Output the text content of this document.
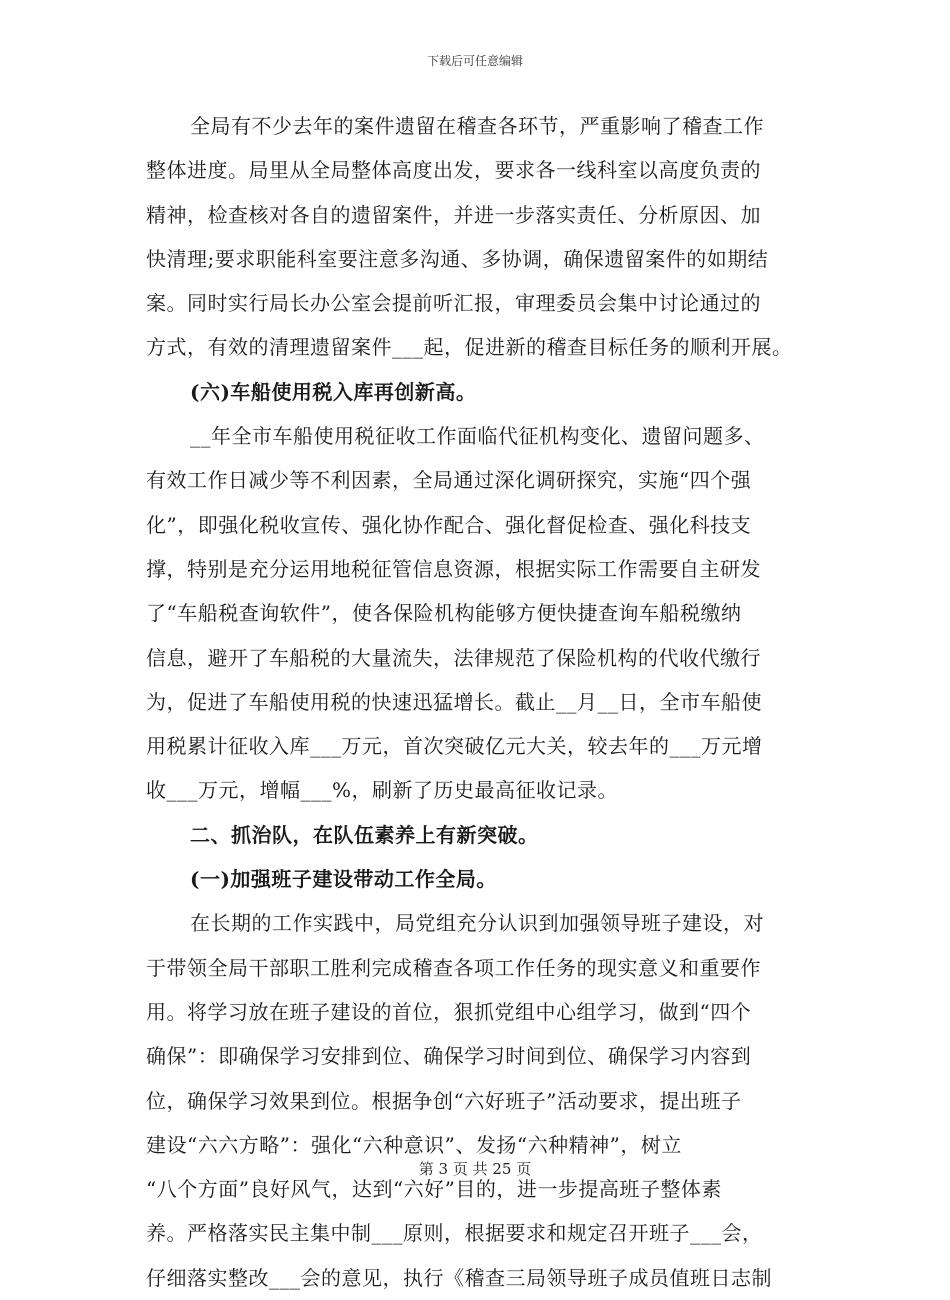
下载后可任意编辑
全局有不少去年的案件遗留在稽查各环节，严重影响了稽查工作
整体进度。局里从全局整体高度出发，要求各一线科室以高度负责的
精神，检查核对各自的遗留案件，并进一步落实责任、分析原因、加
快清理;要求职能科室要注意多沟通、多协调，确保遗留案件的如期结
案。同时实行局长办公室会提前听汇报，审理委员会集中讨论通过的
方式，有效的清理遗留案件___起，促进新的稽查目标任务的顺利开展。
(六)车船使用税入库再创新高。
__年全市车船使用税征收工作面临代征机构变化、遗留问题多、
有效工作日减少等不利因素，全局通过深化调研探究，实施“四个强
化”，即强化税收宣传、强化协作配合、强化督促检查、强化科技支
撑，特别是充分运用地税征管信息资源，根据实际工作需要自主研发
了“车船税查询软件”，使各保险机构能够方便快捷查询车船税缴纳
信息，避开了车船税的大量流失，法律规范了保险机构的代收代缴行
为，促进了车船使用税的快速迅猛增长。截止__月__日，全市车船使
用税累计征收入库___万元，首次突破亿元大关，较去年的___万元增
收___万元，增幅___%，刷新了历史最高征收记录。
二、抓治队，在队伍素养上有新突破。
(一)加强班子建设带动工作全局。
在长期的工作实践中，局党组充分认识到加强领导班子建设，对
于带领全局干部职工胜利完成稽查各项工作任务的现实意义和重要作
用。将学习放在班子建设的首位，狠抓党组中心组学习，做到“四个
确保”：即确保学习安排到位、确保学习时间到位、确保学习内容到
位，确保学习效果到位。根据争创“六好班子”活动要求，提出班子
建设“六六方略”：强化“六种意识”、发扬“六种精神”，树立
“八个方面”良好风气，达到“六好”目的，进一步提高班子整体素
养。严格落实民主集中制___原则，根据要求和规定召开班子___会，
仔细落实整改___会的意见，执行《稽查三局领导班子成员值班日志制
第 3 页 共 25 页
